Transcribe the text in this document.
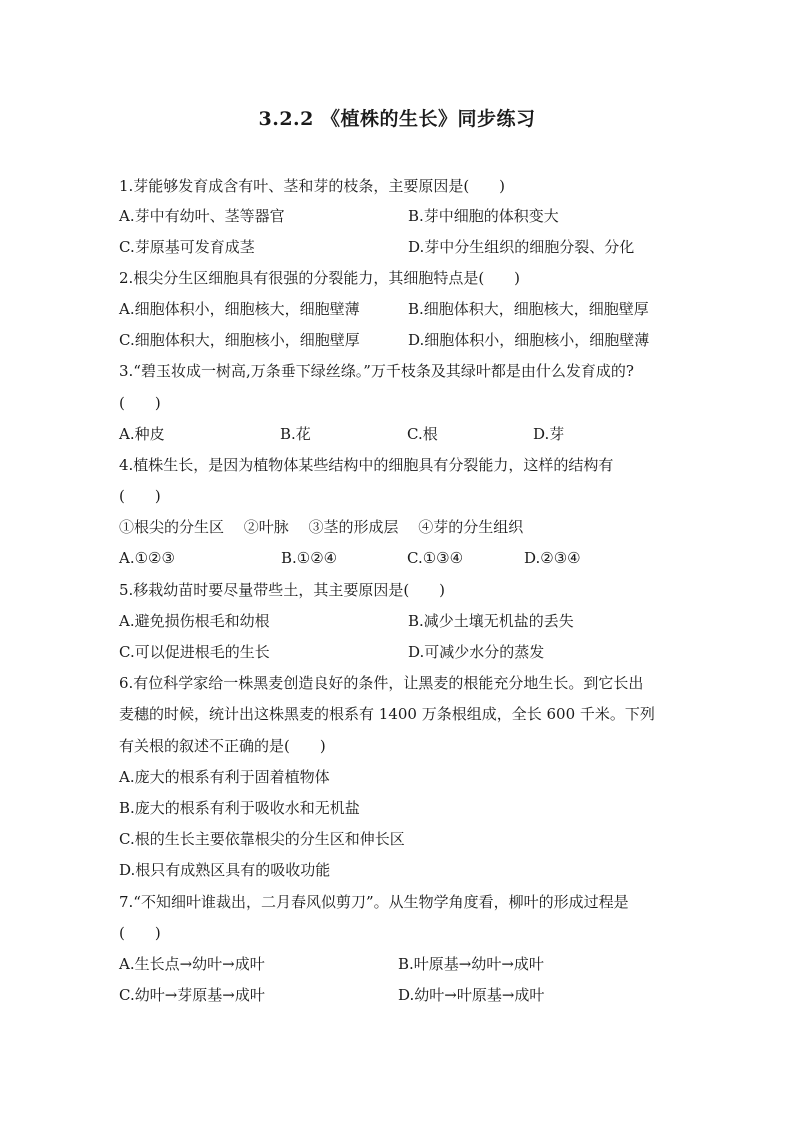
3.2.2 《植株的生长》同步练习
1.芽能够发育成含有叶、茎和芽的枝条，主要原因是(　　)
A.芽中有幼叶、茎等器官	B.芽中细胞的体积变大
C.芽原基可发育成茎	D.芽中分生组织的细胞分裂、分化
2.根尖分生区细胞具有很强的分裂能力，其细胞特点是(　　)
A.细胞体积小，细胞核大，细胞壁薄	B.细胞体积大，细胞核大，细胞壁厚
C.细胞体积大，细胞核小，细胞壁厚	D.细胞体积小，细胞核小，细胞壁薄
3.“碧玉妆成一树高,万条垂下绿丝绦。”万千枝条及其绿叶都是由什么发育成的?
(　　)
A.种皮	B.花	C.根	D.芽
4.植株生长，是因为植物体某些结构中的细胞具有分裂能力，这样的结构有
(　　)
①根尖的分生区　 ②叶脉　 ③茎的形成层　 ④芽的分生组织
A.①②③	B.①②④	C.①③④	D.②③④
5.移栽幼苗时要尽量带些土，其主要原因是(　　)
A.避免损伤根毛和幼根	B.减少土壤无机盐的丢失
C.可以促进根毛的生长	D.可减少水分的蒸发
6.有位科学家给一株黑麦创造良好的条件，让黑麦的根能充分地生长。到它长出
麦穗的时候，统计出这株黑麦的根系有 1400 万条根组成，全长 600 千米。下列
有关根的叙述不正确的是(　　)
A.庞大的根系有利于固着植物体
B.庞大的根系有利于吸收水和无机盐
C.根的生长主要依靠根尖的分生区和伸长区
D.根只有成熟区具有的吸收功能
7.“不知细叶谁裁出，二月春风似剪刀”。从生物学角度看，柳叶的形成过程是
(　　)
A.生长点→幼叶→成叶	B.叶原基→幼叶→成叶
C.幼叶→芽原基→成叶	D.幼叶→叶原基→成叶
